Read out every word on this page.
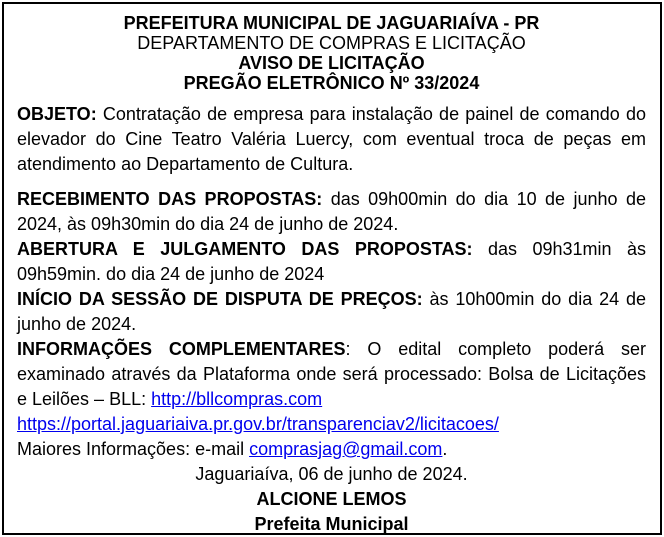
PREFEITURA MUNICIPAL DE JAGUARIAÍVA - PR
DEPARTAMENTO DE COMPRAS E LICITAÇÃO
AVISO DE LICITAÇÃO
PREGÃO ELETRÔNICO Nº 33/2024

OBJETO: Contratação de empresa para instalação de painel de comando do elevador do Cine Teatro Valéria Luercy, com eventual troca de peças em atendimento ao Departamento de Cultura.

RECEBIMENTO DAS PROPOSTAS: das 09h00min do dia 10 de junho de 2024, às 09h30min do dia 24 de junho de 2024.

ABERTURA E JULGAMENTO DAS PROPOSTAS: das 09h31min às 09h59min. do dia 24 de junho de 2024

INÍCIO DA SESSÃO DE DISPUTA DE PREÇOS: às 10h00min do dia 24 de junho de 2024.

INFORMAÇÕES COMPLEMENTARES: O edital completo poderá ser examinado através da Plataforma onde será processado: Bolsa de Licitações e Leilões – BLL: http://bllcompras.com

https://portal.jaguariaiva.pr.gov.br/transparenciav2/licitacoes/

Maiores Informações: e-mail comprasjag@gmail.com.

Jaguariaíva, 06 de junho de 2024.

ALCIONE LEMOS

Prefeita Municipal
